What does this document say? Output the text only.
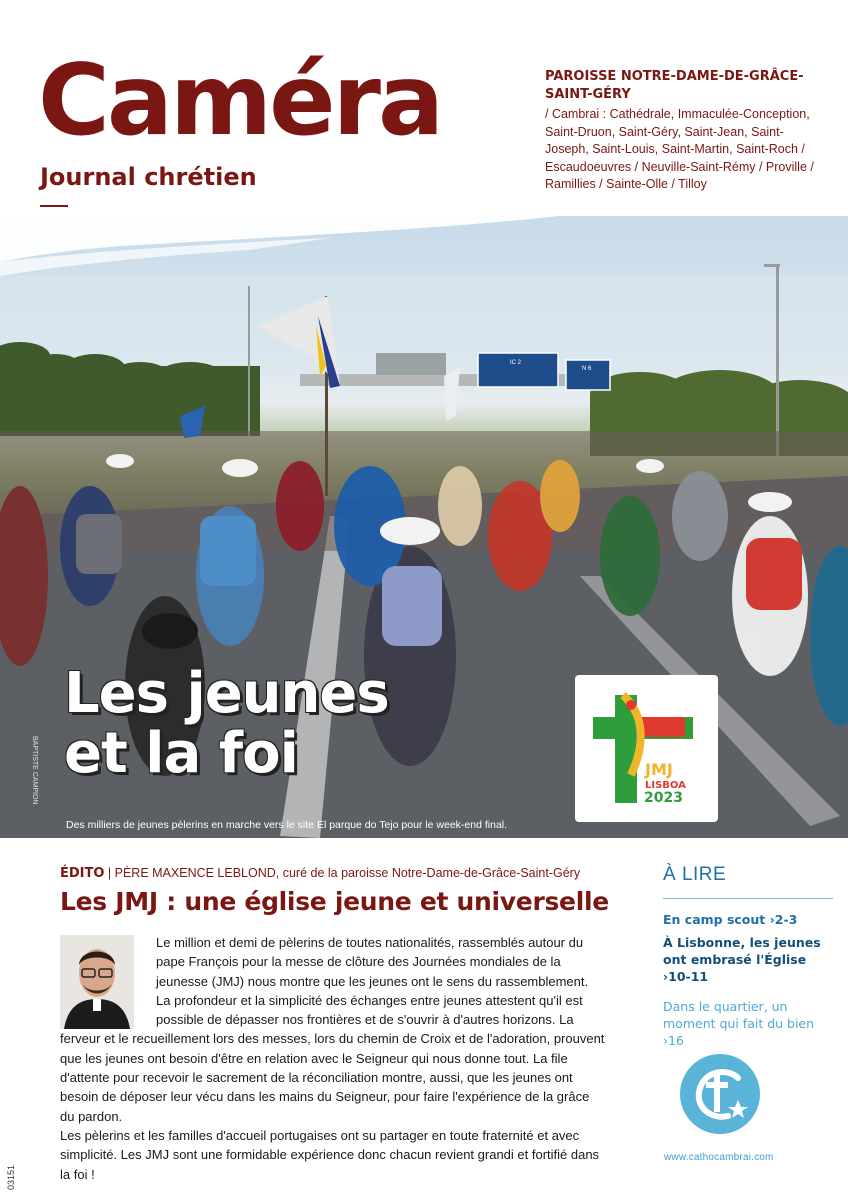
Caméra
Journal chrétien
PAROISSE NOTRE-DAME-DE-GRÂCE-SAINT-GÉRY
/ Cambrai : Cathédrale, Immaculée-Conception, Saint-Druon, Saint-Géry, Saint-Jean, Saint-Joseph, Saint-Louis, Saint-Martin, Saint-Roch / Escaudoeuvres / Neuville-Saint-Rémy / Proville / Ramillies / Sainte-Olle / Tilloy
IC 2
N 6
BAPTISTE CAMPION
Les jeunes
et la foi	JMJ
LISBOA
2023
Des milliers de jeunes pèlerins en marche vers le site El parque do Tejo pour le week-end final.
ÉDITO | PÈRE MAXENCE LEBLOND, curé de la paroisse Notre-Dame-de-Grâce-Saint-Géry
Les JMJ : une église jeune et universelle

Le million et demi de pèlerins de toutes nationalités, rassemblés autour du pape François pour la messe de clôture des Journées mondiales de la jeunesse (JMJ) nous montre que les jeunes ont le sens du rassemblement. La profondeur et la simplicité des échanges entre jeunes attestent qu'il est possible de dépasser nos frontières et de s'ouvrir à d'autres horizons. La ferveur et le recueillement lors des messes, lors du chemin de Croix et de l'adoration, prouvent que les jeunes ont besoin d'être en relation avec le Seigneur qui nous donne tout. La file d'attente pour recevoir le sacrement de la réconciliation montre, aussi, que les jeunes ont besoin de déposer leur vécu dans les mains du Seigneur, pour faire l'expérience de la grâce du pardon.

Les pèlerins et les familles d'accueil portugaises ont su partager en toute fraternité et avec simplicité. Les JMJ sont une formidable expérience donc chacun revient grandi et fortifié dans la foi !

À LIRE
En camp scout ›2-3
À Lisbonne, les jeunes ont embrasé l'Église ›10-11
Dans le quartier, un moment qui fait du bien ›16
www.cathocambrai.com
03151
